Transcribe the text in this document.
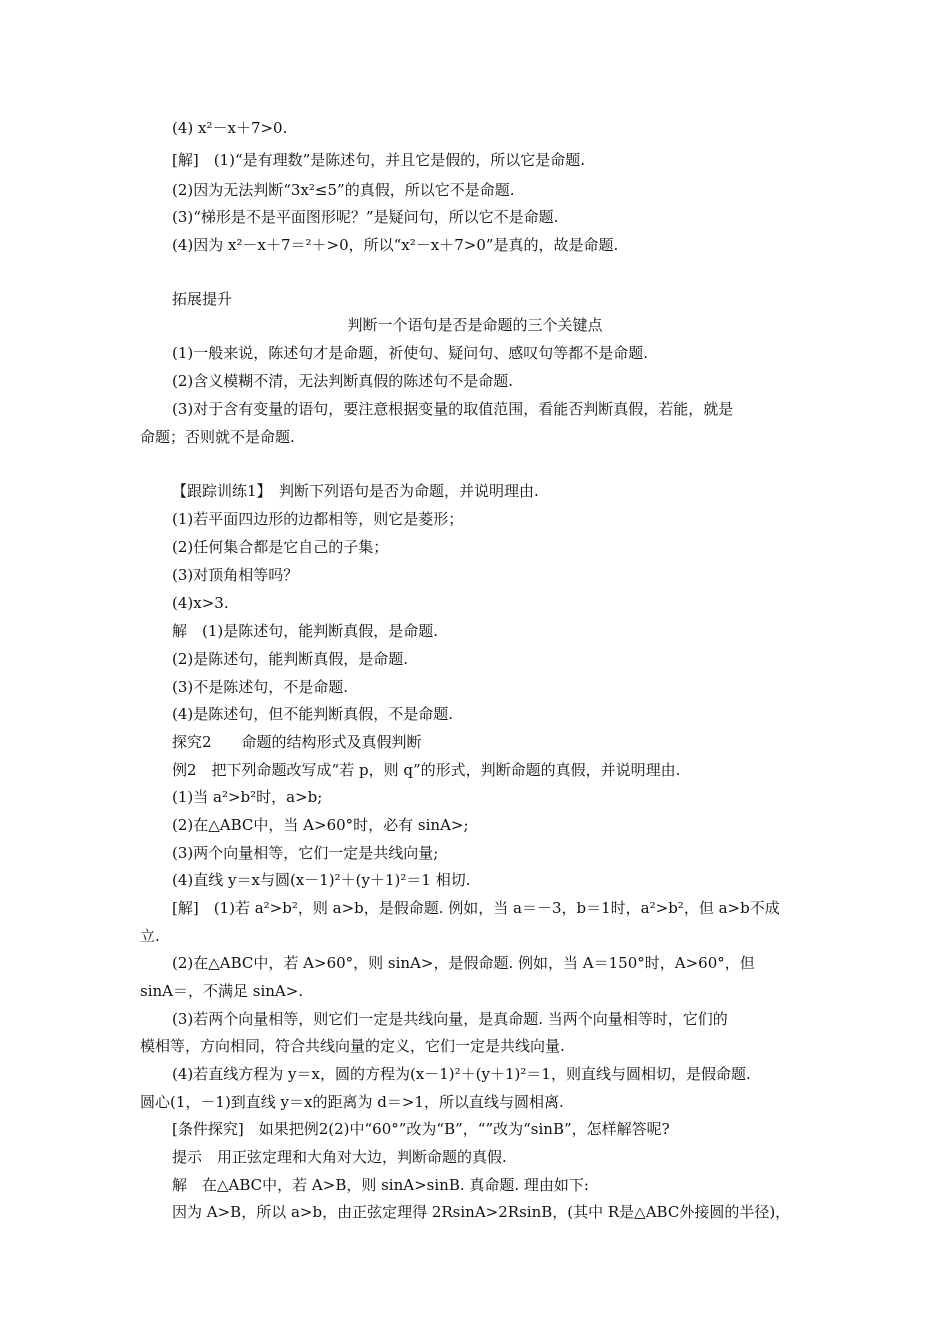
(4) x²－x＋7>0.
[解]　(1)“是有理数”是陈述句，并且它是假的，所以它是命题.
(2)因为无法判断“3x²≤5”的真假，所以它不是命题.
(3)“梯形是不是平面图形呢？”是疑问句，所以它不是命题.
(4)因为 x²－x＋7＝²＋>0，所以“x²－x＋7>0”是真的，故是命题.
拓展提升
判断一个语句是否是命题的三个关键点
(1)一般来说，陈述句才是命题，祈使句、疑问句、感叹句等都不是命题.
(2)含义模糊不清，无法判断真假的陈述句不是命题.
(3)对于含有变量的语句，要注意根据变量的取值范围，看能否判断真假，若能，就是
命题；否则就不是命题.
【跟踪训练1】　判断下列语句是否为命题，并说明理由.
(1)若平面四边形的边都相等，则它是菱形；
(2)任何集合都是它自己的子集；
(3)对顶角相等吗？
(4)x>3.
解　(1)是陈述句，能判断真假，是命题.
(2)是陈述句，能判断真假，是命题.
(3)不是陈述句，不是命题.
(4)是陈述句，但不能判断真假，不是命题.
探究2　　命题的结构形式及真假判断
例2　把下列命题改写成“若 p，则 q”的形式，判断命题的真假，并说明理由.
(1)当 a²>b²时，a>b;
(2)在△ABC中，当 A>60°时，必有 sinA>;
(3)两个向量相等，它们一定是共线向量;
(4)直线 y＝x与圆(x－1)²＋(y＋1)²＝1 相切.
[解]　(1)若 a²>b²，则 a>b，是假命题. 例如，当 a＝－3，b＝1时，a²>b²，但 a>b不成
立.
(2)在△ABC中，若 A>60°，则 sinA>，是假命题. 例如，当 A＝150°时，A>60°，但
sinA＝，不满足 sinA>.
(3)若两个向量相等，则它们一定是共线向量，是真命题. 当两个向量相等时，它们的
模相等，方向相同，符合共线向量的定义，它们一定是共线向量.
(4)若直线方程为 y＝x，圆的方程为(x－1)²＋(y＋1)²＝1，则直线与圆相切，是假命题.
圆心(1，－1)到直线 y＝x的距离为 d＝>1，所以直线与圆相离.
[条件探究]　如果把例2(2)中“60°”改为“B”，“”改为“sinB”，怎样解答呢?
提示　用正弦定理和大角对大边，判断命题的真假.
解　在△ABC中，若 A>B，则 sinA>sinB. 真命题. 理由如下:
因为 A>B，所以 a>b，由正弦定理得 2RsinA>2RsinB，(其中 R是△ABC外接圆的半径)，
